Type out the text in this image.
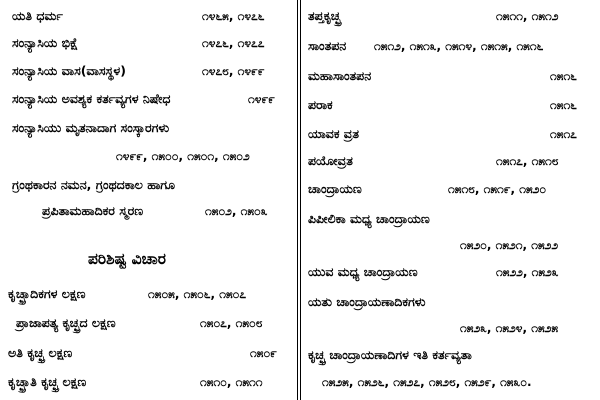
ಯತಿ ಧರ್ಮ	೧೪೬೫, ೧೪೭೬
ಸಂನ್ಯಾಸಿಯ ಭಿಕ್ಷೆ	೧೪೭೬, ೧೪೭೭
ಸಂನ್ಯಾಸಿಯ ವಾಸ(ವಾಸಸ್ಥಳ)	೧೪೭೮, ೧೪೯೯
ಸಂನ್ಯಾಸಿಯ ಅವಶ್ಯಕ ಕರ್ತವ್ಯಗಳ ನಿಷೇಧ	೧೪೯೯
ಸಂನ್ಯಾಸಿಯು ಮೃತನಾದಾಗ ಸಂಸ್ಕಾರಗಳು
೧೪೯೯, ೧೫೦೦, ೧೫೦೧, ೧೫೦೨
ಗ್ರಂಥಕಾರನ ನಮನ, ಗ್ರಂಥದಕಾಲ ಹಾಗೂ
ಪ್ರಪಿತಾಮಹಾದಿಕರ ಸ್ಮರಣ	೧೫೦೨, ೧೫೦೩
ಪರಿಶಿಷ್ಟ ವಿಚಾರ
ಕೃಚ್ಛ್ರಾದಿಕಗಳ ಲಕ್ಷಣ	೧೫೦೫, ೧೫೦೬, ೧೫೦೭
ಪ್ರಾಜಾಪತ್ಯ ಕೃಚ್ಛ್ರದ ಲಕ್ಷಣ	೧೫೦೭, ೧೫೦೮
ಅತಿ ಕೃಚ್ಛ್ರ ಲಕ್ಷಣ	೧೫೦೯
ಕೃಚ್ಛ್ರಾತಿ ಕೃಚ್ಛ್ರ ಲಕ್ಷಣ	೧೫೧೦, ೧೫೧೧
ತಪ್ತಕೃಚ್ಛ್ರ	೧೫೧೧, ೧೫೧೨
ಸಾಂತಪನ ೧೫೧೨, ೧೫೧೩, ೧೫೧೪, ೧೫೧೫, ೧೫೧೬
ಮಹಾಸಾಂತಪನ	೧೫೧೬
ಪರಾಕ	೧೫೧೬
ಯಾವಕ ವ್ರತ	೧೫೧೭
ಪಯೋವ್ರತ	೧೫೧೭, ೧೫೧೮
ಚಾಂದ್ರಾಯಣ	೧೫೧೮, ೧೫೧೯, ೧೫೨೦
ಪಿಪೀಲಿಕಾ ಮಧ್ಯ ಚಾಂದ್ರಾಯಣ
೧೫೨೦, ೧೫೨೧, ೧೫೨೨
ಯುವ ಮಧ್ಯ ಚಾಂದ್ರಾಯಣ	೧೫೨೨, ೧೫೨೩
ಯತು ಚಾಂದ್ರಾಯಣಾದಿಕಗಳು
೧೫೨೩, ೧೫೨೪, ೧೫೨೫
ಕೃಚ್ಛ್ರ ಚಾಂದ್ರಾಯಣಾದಿಗಳ ಇತಿ ಕರ್ತವ್ಯತಾ
೧೫೨೫, ೧೫೨೬, ೧೫೨೭, ೧೫೨೮, ೧೫೨೯, ೧೫೩೦.
